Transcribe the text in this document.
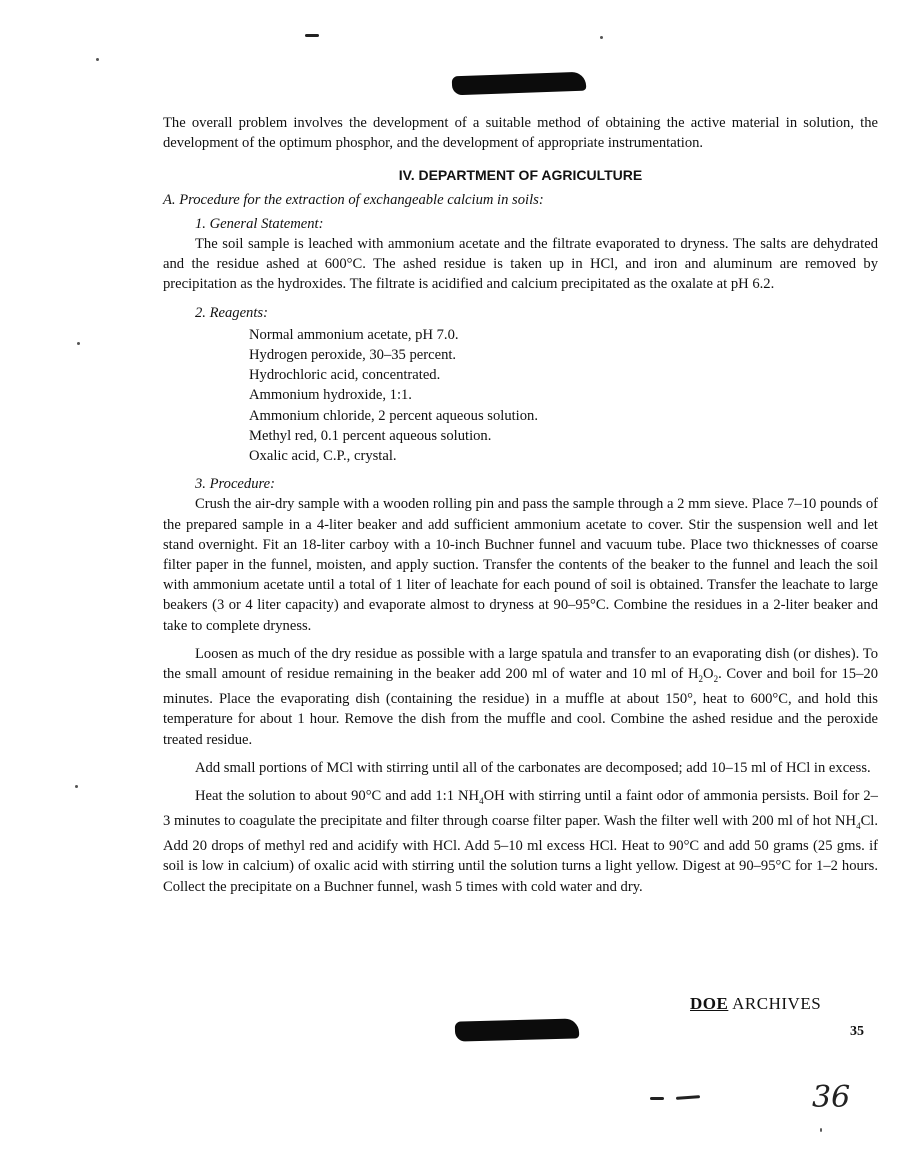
The overall problem involves the development of a suitable method of obtaining the active material in solution, the development of the optimum phosphor, and the development of appropriate instrumentation.

IV. DEPARTMENT OF AGRICULTURE

A. Procedure for the extraction of exchangeable calcium in soils:

1. General Statement:

The soil sample is leached with ammonium acetate and the filtrate evaporated to dryness. The salts are dehydrated and the residue ashed at 600°C. The ashed residue is taken up in HCl, and iron and aluminum are removed by precipitation as the hydroxides. The filtrate is acidified and calcium precipitated as the oxalate at pH 6.2.

2. Reagents:

Normal ammonium acetate, pH 7.0.
Hydrogen peroxide, 30–35 percent.
Hydrochloric acid, concentrated.
Ammonium hydroxide, 1:1.
Ammonium chloride, 2 percent aqueous solution.
Methyl red, 0.1 percent aqueous solution.
Oxalic acid, C.P., crystal.

3. Procedure:

Crush the air-dry sample with a wooden rolling pin and pass the sample through a 2 mm sieve. Place 7–10 pounds of the prepared sample in a 4-liter beaker and add sufficient ammonium acetate to cover. Stir the suspension well and let stand overnight. Fit an 18-liter carboy with a 10-inch Buchner funnel and vacuum tube. Place two thicknesses of coarse filter paper in the funnel, moisten, and apply suction. Transfer the contents of the beaker to the funnel and leach the soil with ammonium acetate until a total of 1 liter of leachate for each pound of soil is obtained. Transfer the leachate to large beakers (3 or 4 liter capacity) and evaporate almost to dryness at 90–95°C. Combine the residues in a 2-liter beaker and take to complete dryness.

Loosen as much of the dry residue as possible with a large spatula and transfer to an evaporating dish (or dishes). To the small amount of residue remaining in the beaker add 200 ml of water and 10 ml of $H_2O_2$. Cover and boil for 15–20 minutes. Place the evaporating dish (containing the residue) in a muffle at about 150°, heat to 600°C, and hold this temperature for about 1 hour. Remove the dish from the muffle and cool. Combine the ashed residue and the peroxide treated residue.

Add small portions of MCl with stirring until all of the carbonates are decomposed; add 10–15 ml of HCl in excess.

Heat the solution to about 90°C and add 1:1 $NH_4OH$ with stirring until a faint odor of ammonia persists. Boil for 2–3 minutes to coagulate the precipitate and filter through coarse filter paper. Wash the filter well with 200 ml of hot $NH_4Cl$. Add 20 drops of methyl red and acidify with HCl. Add 5–10 ml excess HCl. Heat to 90°C and add 50 grams (25 gms. if soil is low in calcium) of oxalic acid with stirring until the solution turns a light yellow. Digest at 90–95°C for 1–2 hours. Collect the precipitate on a Buchner funnel, wash 5 times with cold water and dry.

DOE ARCHIVES
35
36
